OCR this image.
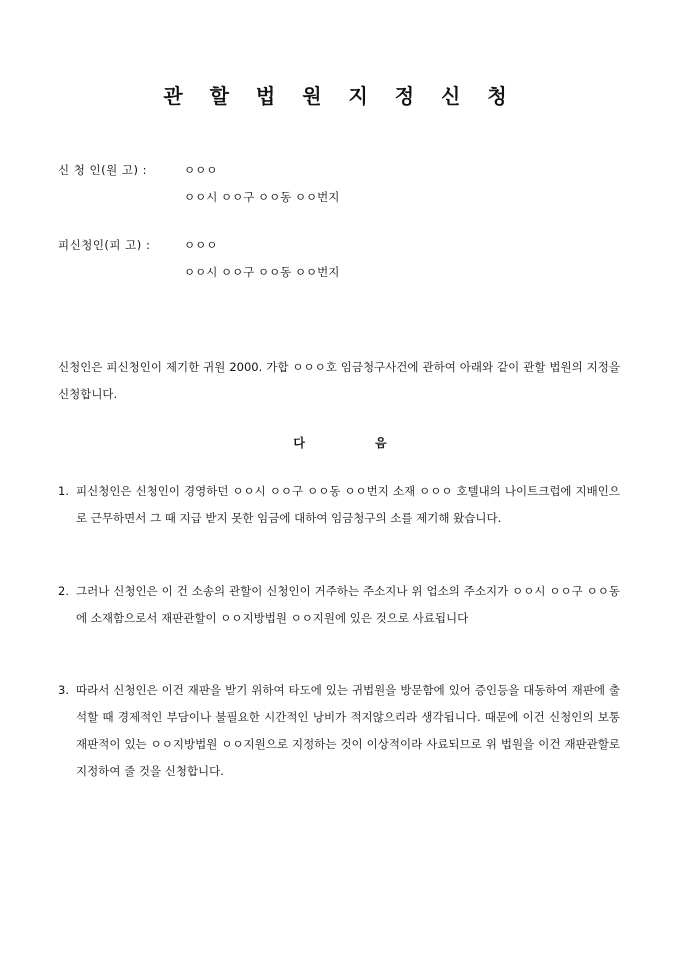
관 할 법 원 지 정 신 청
신 청 인(원 고) :	ㅇㅇㅇ
ㅇㅇ시 ㅇㅇ구 ㅇㅇ동 ㅇㅇ번지
피신청인(피 고) :	ㅇㅇㅇ
ㅇㅇ시 ㅇㅇ구 ㅇㅇ동 ㅇㅇ번지
신청인은 피신청인이 제기한 귀원 2000. 가합 ㅇㅇㅇ호 임금청구사건에 관하여 아래와 같이 관할 법원의 지정을 신청합니다.
다	음
1. 피신청인은 신청인이 경영하던 ㅇㅇ시 ㅇㅇ구 ㅇㅇ동 ㅇㅇ번지 소재 ㅇㅇㅇ 호텔내의 나이트크럽에 지배인으로 근무하면서 그 때 지급 받지 못한 임금에 대하여 임금청구의 소를 제기해 왔습니다.
2. 그러나 신청인은 이 건 소송의 관할이 신청인이 거주하는 주소지나 위 업소의 주소지가 ㅇㅇ시 ㅇㅇ구 ㅇㅇ동에 소재함으로서 재판관할이 ㅇㅇ지방법원 ㅇㅇ지원에 있은 것으로 사료됩니다
3. 따라서 신청인은 이건 재판을 받기 위하여 타도에 있는 귀법원을 방문함에 있어 증인등을 대동하여 재판에 출석할 때 경제적인 부담이나 불필요한 시간적인 낭비가 적지않으리라 생각됩니다. 때문에 이건 신청인의 보통재판적이 있는 ㅇㅇ지방법원 ㅇㅇ지원으로 지정하는 것이 이상적이라 사료되므로 위 법원을 이건 재판관할로 지정하여 줄 것을 신청합니다.
